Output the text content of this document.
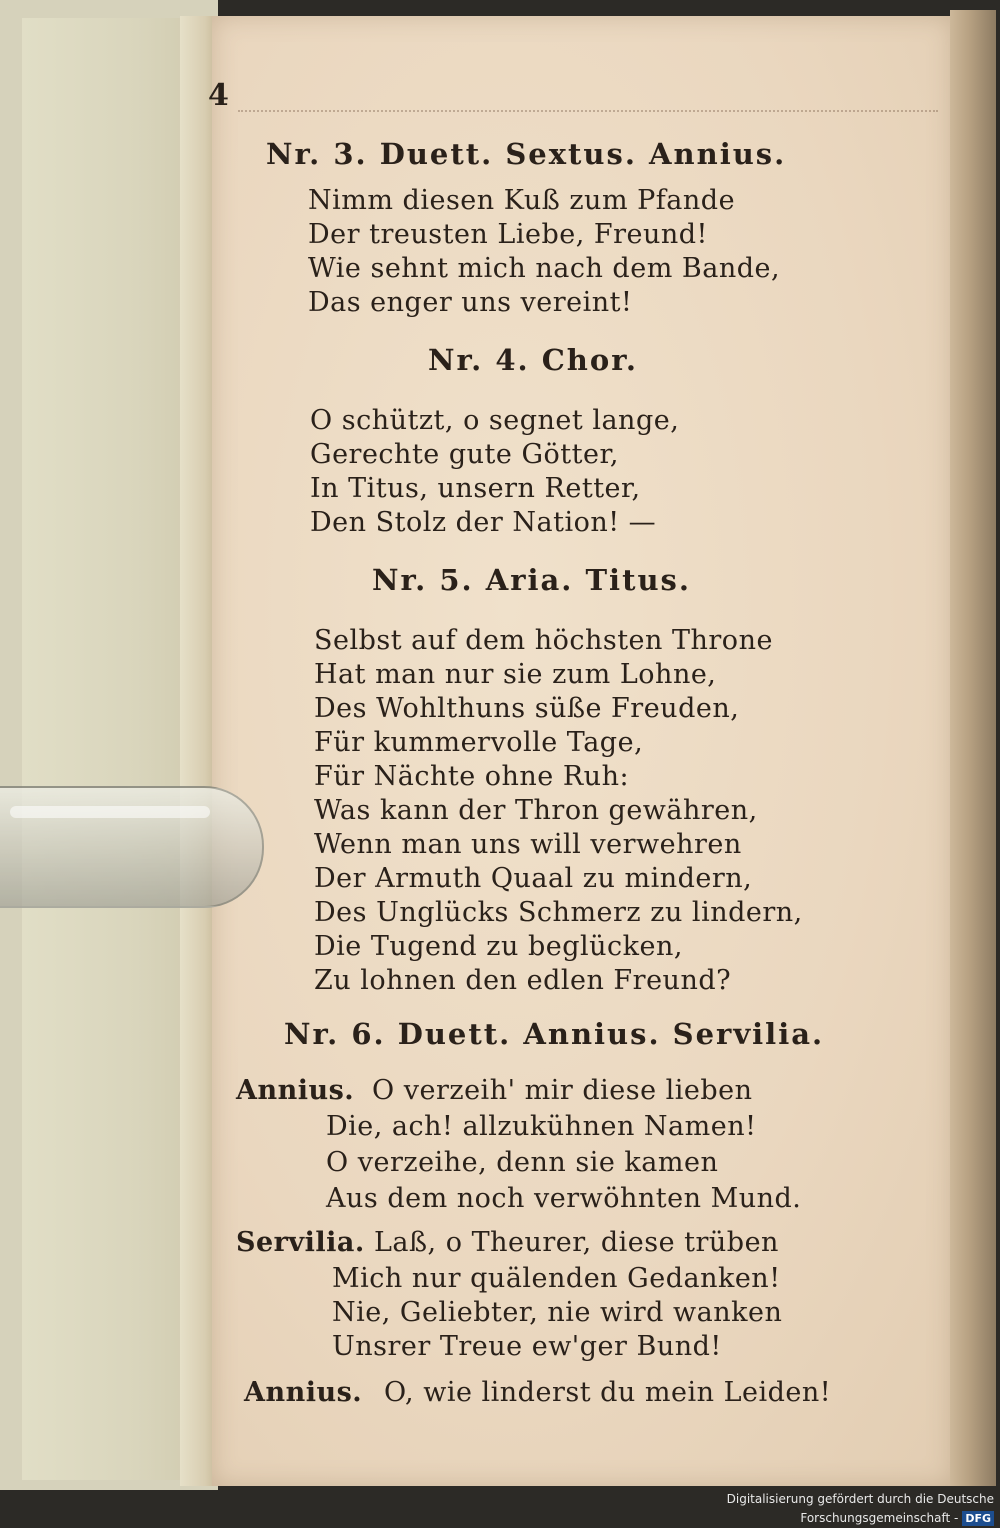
4
Nr. 3. Duett. Sextus. Annius.
Nimm diesen Kuß zum Pfande
Der treusten Liebe, Freund!
Wie sehnt mich nach dem Bande,
Das enger uns vereint!
Nr. 4. Chor.
O schützt, o segnet lange,
Gerechte gute Götter,
In Titus, unsern Retter,
Den Stolz der Nation! —
Nr. 5. Aria. Titus.
Selbst auf dem höchsten Throne
Hat man nur sie zum Lohne,
Des Wohlthuns süße Freuden,
Für kummervolle Tage,
Für Nächte ohne Ruh:
Was kann der Thron gewähren,
Wenn man uns will verwehren
Der Armuth Quaal zu mindern,
Des Unglücks Schmerz zu lindern,
Die Tugend zu beglücken,
Zu lohnen den edlen Freund?
Nr. 6. Duett. Annius. Servilia.
Annius. O verzeih' mir diese lieben
Die, ach! allzukühnen Namen!
O verzeihe, denn sie kamen
Aus dem noch verwöhnten Mund.
Servilia. Laß, o Theurer, diese trüben
Mich nur quälenden Gedanken!
Nie, Geliebter, nie wird wanken
Unsrer Treue ew'ger Bund!
Annius. O, wie linderst du mein Leiden!
Digitalisierung gefördert durch die Deutsche Forschungsgemeinschaft - DFG
